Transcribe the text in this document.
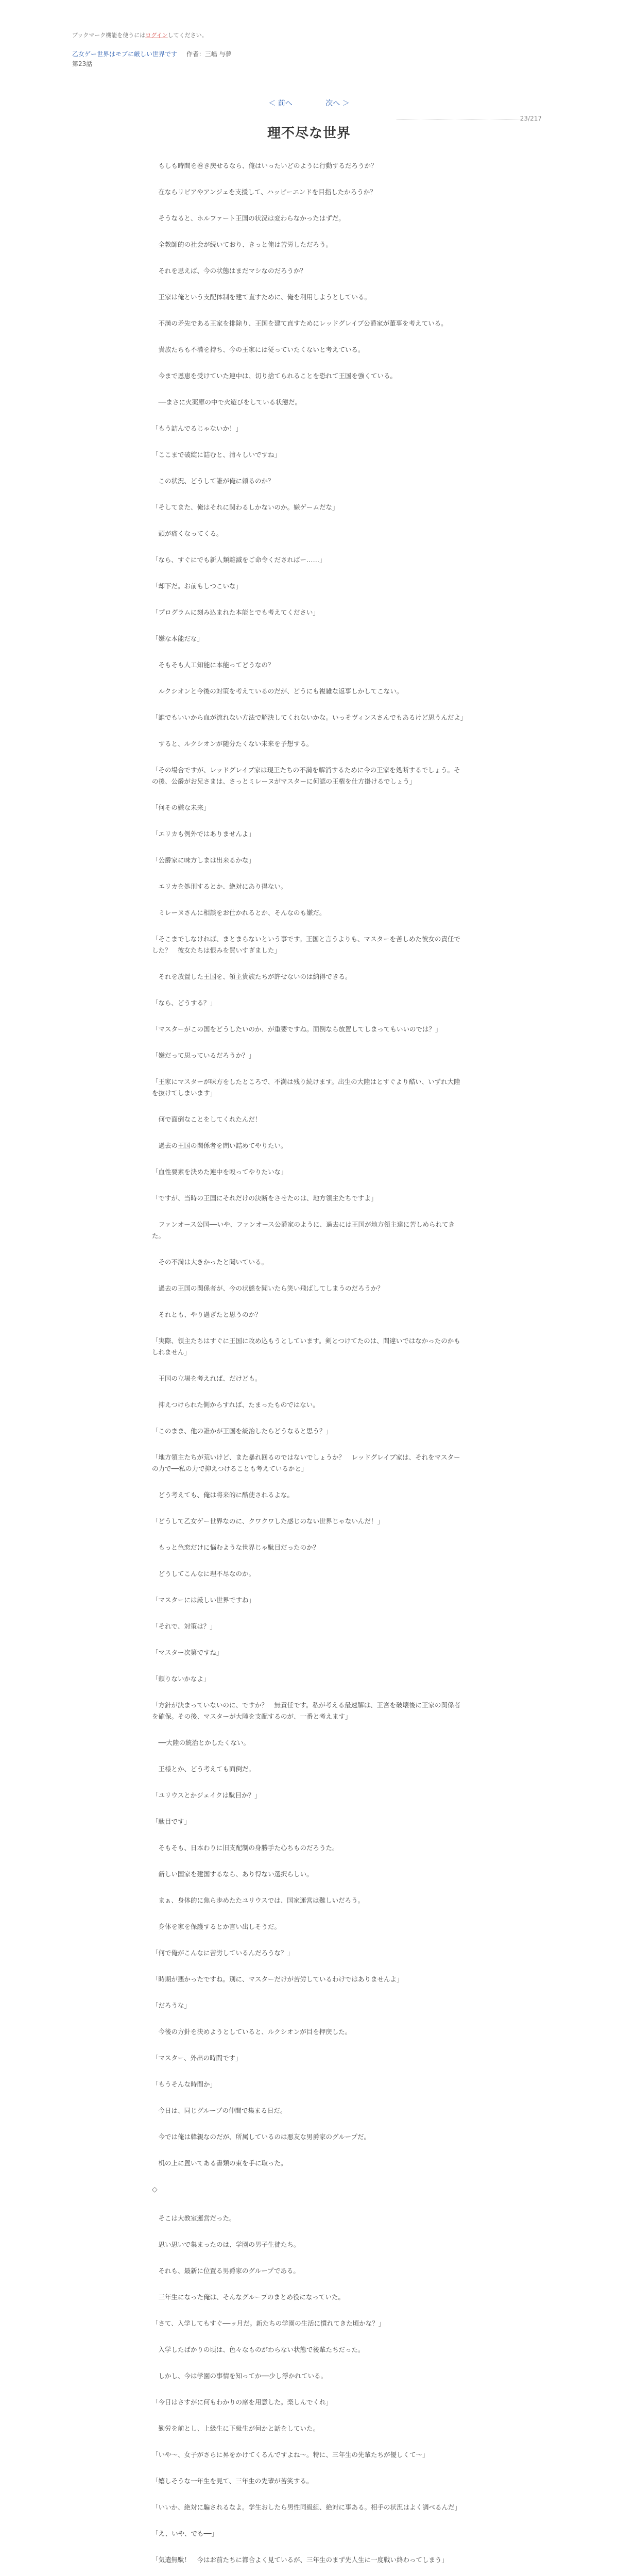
ブックマーク機能を使うにはログインしてください。
乙女ゲー世界はモブに厳しい世界です 作者：三嶋 与夢
第23話
＜ 前へ	次へ ＞
23/217
理不尽な世界

　もしも時間を巻き戻せるなら、俺はいったいどのように行動するだろうか？

　在ならリビアやアンジェを支援して、ハッピーエンドを目指したかろうか？

　そうなると、ホルファート王国の状況は変わらなかったはずだ。

　全教師的の社会が続いており、きっと俺は苦労しただろう。

　それを思えば、今の状態はまだマシなのだろうか？

　王家は俺という支配体制を建て直すために、俺を利用しようとしている。

　不満の矛先である王家を排除り、王国を建て直すためにレッドグレイブ公爵家が董事を考えている。

　貴族たちも不満を持ち、今の王家には従っていたくないと考えている。

　今まで恩恵を受けていた連中は、切り捨てられることを恐れて王国を強くている。

　──まさに火薬庫の中で火遊びをしている状態だ。

「もう詰んでるじゃないか！」

「ここまで破綻に詰むと、清々しいですね」

　この状況、どうして誰が俺に頼るのか？

「そしてまた、俺はそれに関わるしかないのか。嫌ゲームだな」

　頭が痛くなってくる。

「なら、すぐにでも新人類離滅をご命令くださればー……」

「却下だ。お前もしつこいな」

「プログラムに刻み込まれた本能とでも考えてください」

「嫌な本能だな」

　そもそも人工知能に本能ってどうなの？

　ルクシオンと今後の対策を考えているのだが、どうにも複雑な返事しかしてこない。

「誰でもいいから血が流れない方法で解決してくれないかな。いっそヴィンスさんでもあるけど思うんだよ」

　すると、ルクシオンが随分たくない未来を予想する。

「その場合ですが、レッドグレイブ家は現王たちの不満を解消するために今の王家を処断するでしょう。その後、公爵がお兄さまは、さっとミレーヌがマスターに何認の王権を仕方掛けるでしょう」

「何その嫌な未来」

「エリカも例外ではありませんよ」

「公爵家に味方しまは出来るかな」

　エリカを処刑するとか、絶対にあり得ない。

　ミレーヌさんに相談をお仕かれるとか、そんなのも嫌だ。

「そこまでしなければ、まとまらないという事です。王国と言うよりも、マスターを苦しめた彼女の責任でした？　彼女たちは恨みを買いすぎました」

　それを放置した王国を、領主貴族たちが許せないのは納得できる。

「なら、どうする？」

「マスターがこの国をどうしたいのか、が重要ですね。面倒なら放置してしまってもいいのでは？」

「嫌だって思っているだろうか？」

「王家にマスターが味方をしたところで、不満は残り続けます。出生の大陸はとすぐより酷い、いずれ大陸を抜けてしまいます」

　何で面倒なことをしてくれたんだ！

　過去の王国の関係者を問い詰めてやりたい。

「血性要素を決めた連中を殴ってやりたいな」

「ですが、当時の王国にそれだけの決断をさせたのは、地方領主たちですよ」

　ファンオース公国──いや、ファンオース公爵家のように、過去には王国が地方領主達に苦しめられてきた。

　その不満は大きかったと聞いている。

　過去の王国の関係者が、今の状態を聞いたら笑い飛ばしてしまうのだろうか？

　それとも、やり過ぎたと思うのか？

「実際、領主たちはすぐに王国に攻め込もうとしています。剣とつけてたのは、間違いではなかったのかもしれません」

　王国の立場を考えれば、だけども。

　抑えつけられた側からすれば、たまったものではない。

「このまま、他の誰かが王国を統治したらどうなると思う？」

「地方領主たちが荒いけど、また暴れ回るのではないでしょうか？　レッドグレイブ家は、それをマスターの力で──私の力で抑えつけることも考えているかと」

　どう考えても、俺は将来的に酷使されるよな。

「どうして乙女ゲー世界なのに、クワクワした感じのない世界じゃないんだ！」

　もっと色恋だけに悩むような世界じゃ駄目だったのか？

　どうしてこんなに理不尽なのか。

「マスターには厳しい世界ですね」

「それで、対策は？」

「マスター次第ですね」

「頼りないかなよ」

「方針が決まっていないのに、ですか？　無責任です。私が考える最速解は、王宮を破壊後に王家の関係者を確保。その後、マスターが大陸を支配するのが、一番と考えます」

　──大陸の統治とかしたくない。

　王様とか、どう考えても面倒だ。

「ユリウスとかジェイクは駄目か？」

「駄目です」

　そもそも、日本わりに旧支配制の身勝手た心ちものだろうた。

　新しい国家を建国するなら、あり得ない選択らしい。

　まぁ、身体的に焦ら歩めたたユリウスでは、国家運営は難しいだろう。

　身体を家を保護するとか言い出しそうだ。

「何で俺がこんなに苦労しているんだろうな？」

「時期が悪かったですね。別に、マスターだけが苦労しているわけではありませんよ」

「だろうな」

　今後の方針を決めようとしていると、ルクシオンが目を押戻した。

「マスター、外出の時間です」

「もうそんな時間か」

　今日は、同じグループの仲間で集まる日だ。

　今では俺は韓親なのだが、所属しているのは悪友な男爵家のグループだ。

　机の上に置いてある書類の束を手に取った。

◇

　そこは大教室運営だった。

　思い思いで集まったのは、学園の男子生徒たち。

　それも、最新に位置る男爵家のグループである。

　三年生になった俺は、そんなグループのまとめ役になっていた。

「さて、入学してもすぐ──ッ月だ。新たちの学園の生活に慣れてきた頃かな？」

　入学したばかりの頃は、色々なものがわらない状態で後輩たちだった。

　しかし、今は学園の事情を知ってか──少し浮かれている。

「今日はさすがに何もわかりの席を用意した。楽しんでくれ」

　勤労を前とし、上級生に下級生が何かと話をしていた。

「いや～、女子がさらに昇をかけてくるんですよね～。特に、三年生の先輩たちが優しくて～」

「嬉しそうな一年生を見て、三年生の先輩が苦笑する。

「いいか、絶対に騙されるなよ。学生おしたら男性同級組、絶対に事ある。相手の状況はよく調べるんだ」

「え、いや、でも──」

「気遣無駄！　今はお前たちに都合よく見ているが、三年生のまず先人生に一度戦い終わってしまう」
